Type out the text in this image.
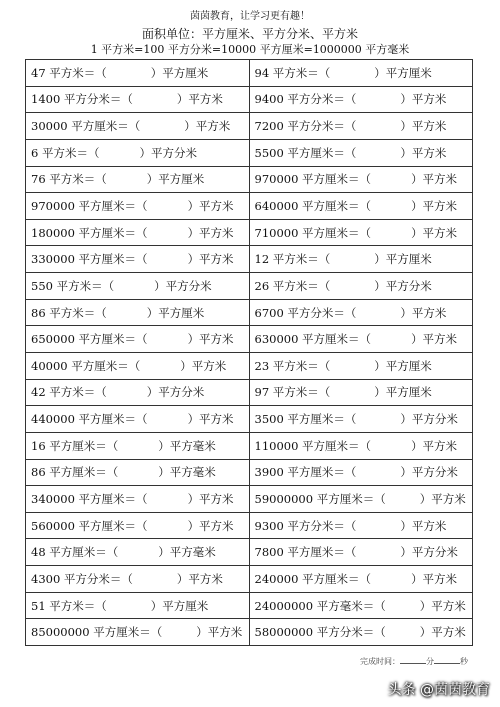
茵茵教育，让学习更有趣！
面积单位：平方厘米、平方分米、平方米
1 平方米=100 平方分米=10000 平方厘米=1000000 平方毫米
47 平方米＝（	）平方厘米	94 平方米＝（	）平方厘米
1400 平方分米＝（	）平方米	9400 平方分米＝（	）平方米
30000 平方厘米＝（	）平方米 7200 平方分米＝（	）平方米
6 平方米＝（	）平方分米	5500 平方厘米＝（	）平方米
76 平方米＝（	）平方厘米	970000 平方厘米＝（	）平方米
970000 平方厘米＝（	）平方米 640000 平方厘米＝（	）平方米
180000 平方厘米＝（	）平方米 710000 平方厘米＝（	）平方米
330000 平方厘米＝（	）平方米 12 平方米＝（	）平方厘米
550 平方米＝（	）平方分米	26 平方米＝（	）平方分米
86 平方米＝（	）平方厘米	6700 平方分米＝（	）平方米
650000 平方厘米＝（	）平方米 630000 平方厘米＝（	）平方米
40000 平方厘米＝（	）平方米 23 平方米＝（	）平方厘米
42 平方米＝（	）平方分米	97 平方米＝（	）平方厘米
440000 平方厘米＝（	）平方米 3500 平方厘米＝（	）平方分米
16 平方厘米＝（	）平方毫米	110000 平方厘米＝（	）平方米
86 平方厘米＝（	）平方毫米	3900 平方厘米＝（	）平方分米
340000 平方厘米＝（	）平方米 59000000 平方厘米＝（	）平方米
560000 平方厘米＝（	）平方米 9300 平方分米＝（	）平方米
48 平方厘米＝（	）平方毫米	7800 平方厘米＝（	）平方分米
4300 平方分米＝（	）平方米	240000 平方厘米＝（	）平方米
51 平方米＝（	）平方厘米	24000000 平方毫米＝（	）平方米
85000000 平方厘米＝（	）平方米 58000000 平方分米＝（	）平方米
完成时间：	分	秒
头条 @茵茵教育
